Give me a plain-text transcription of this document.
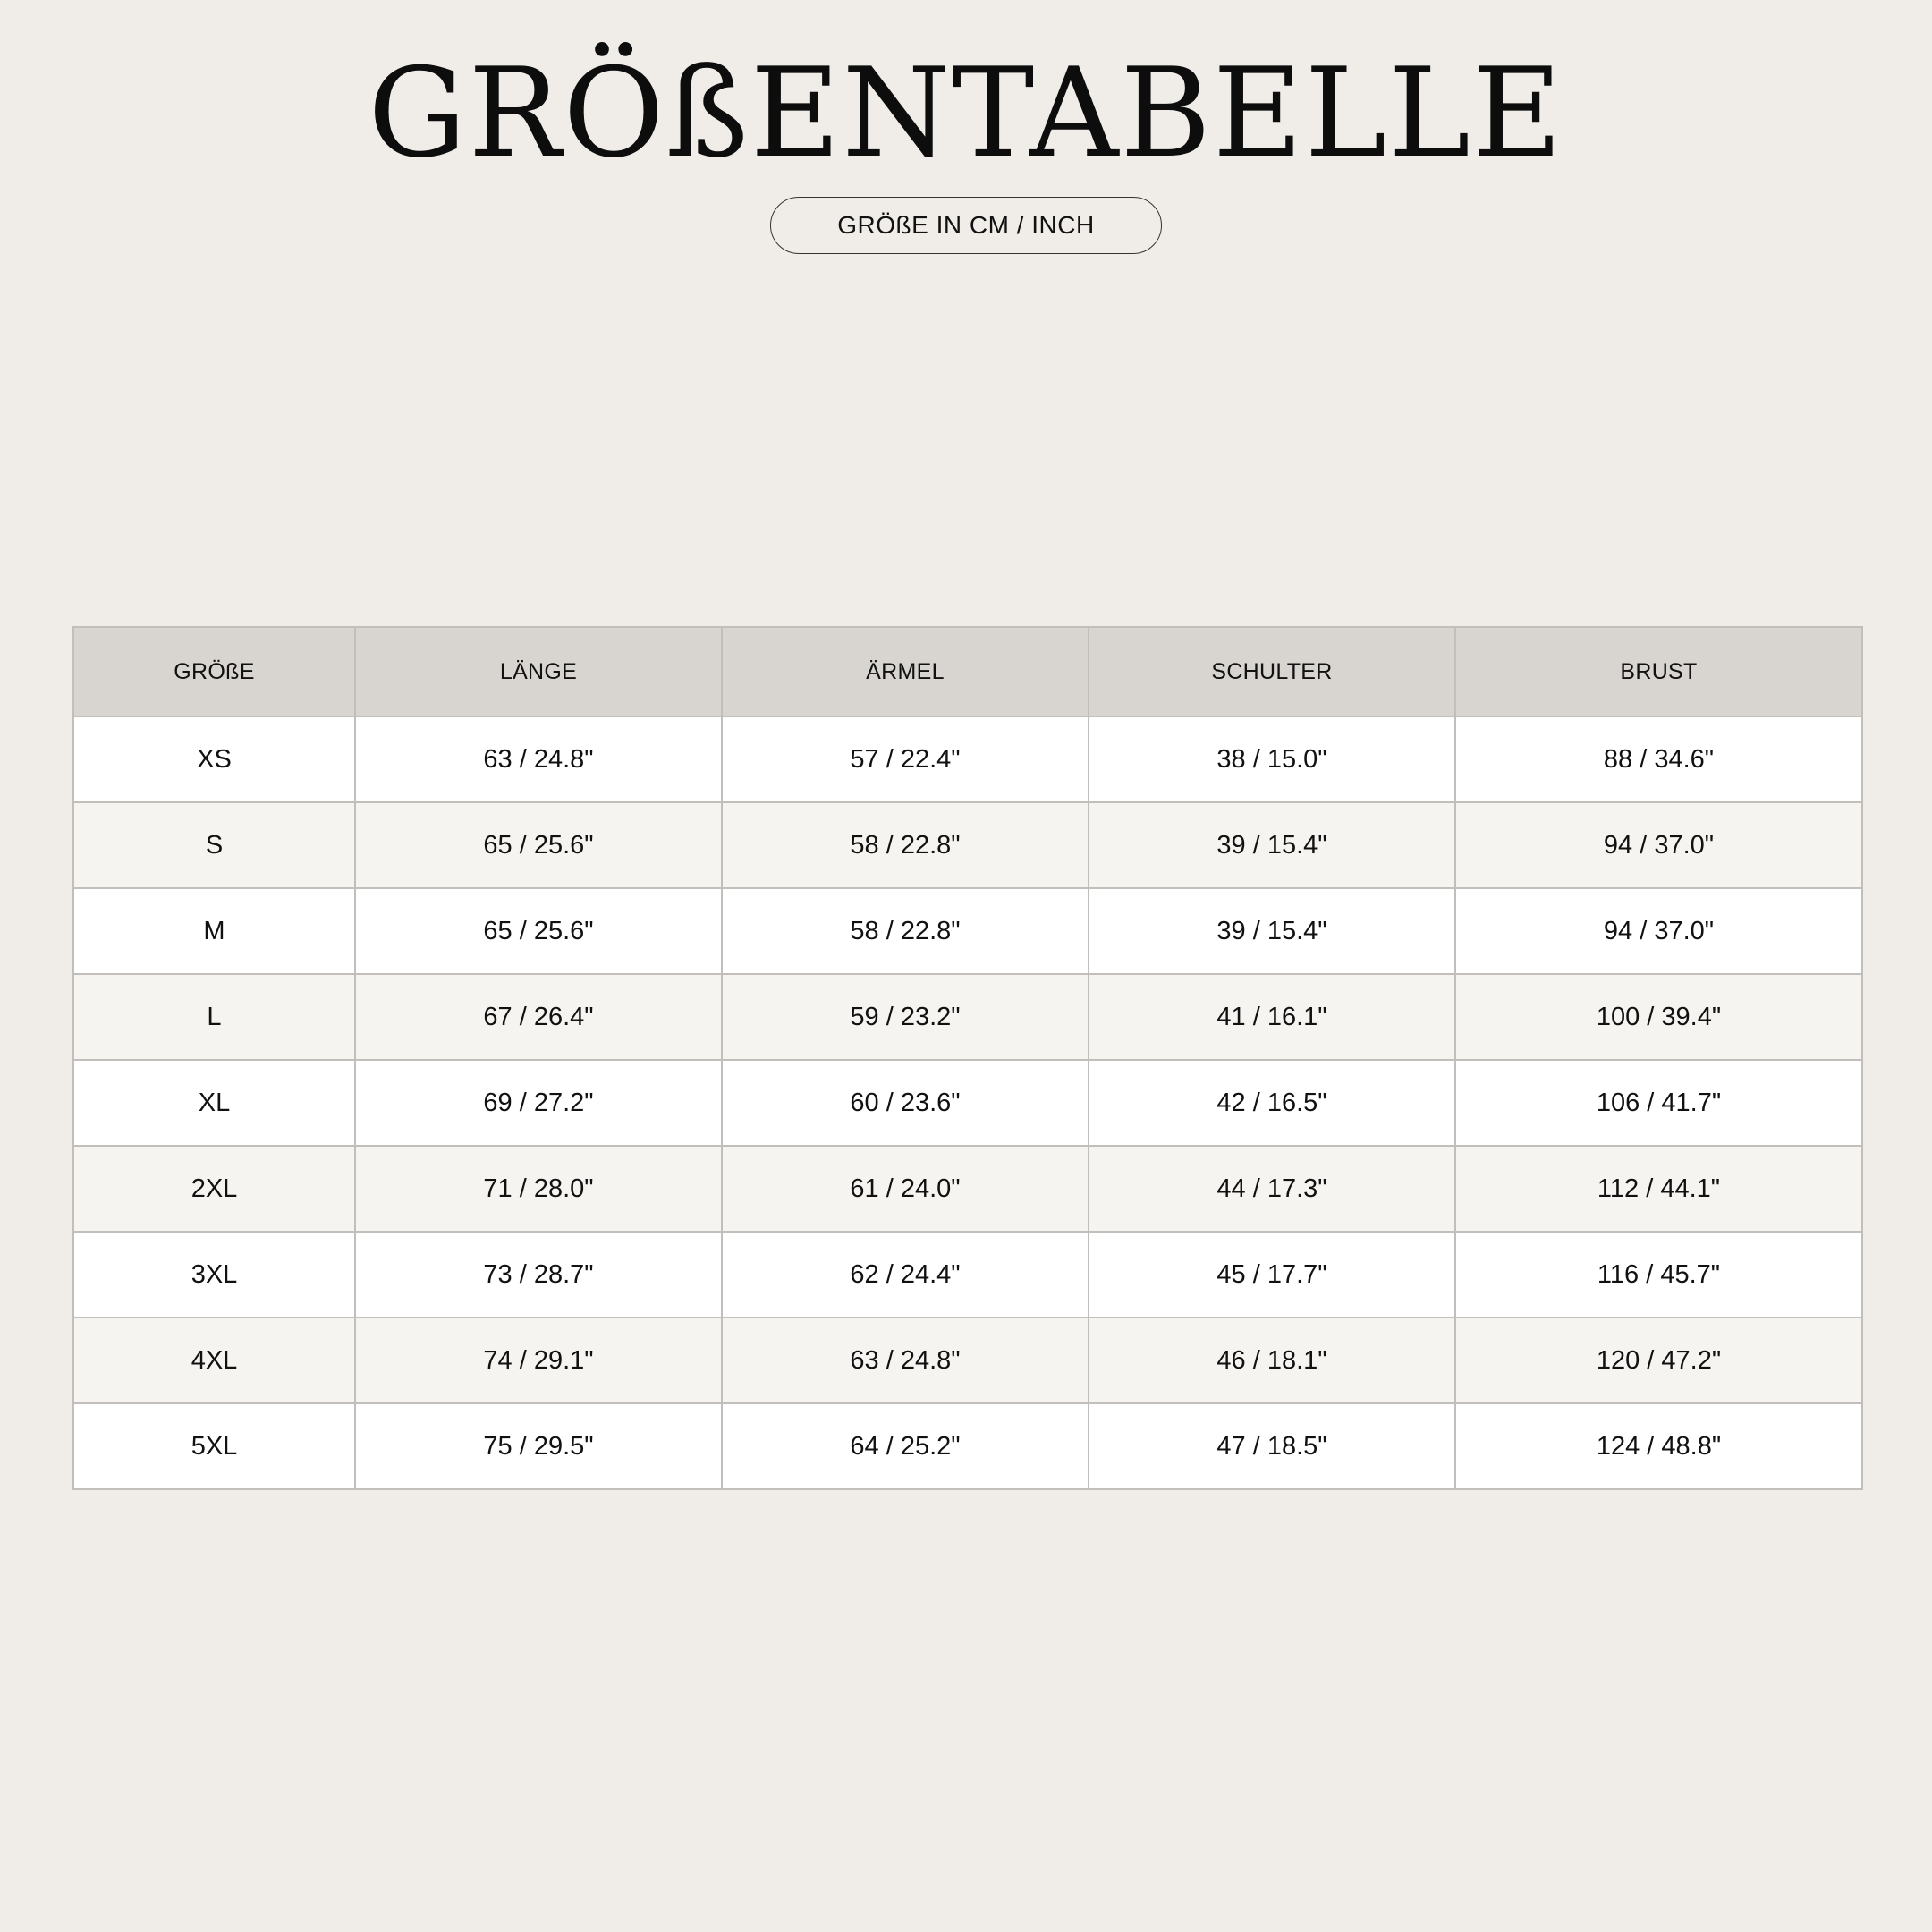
GRÖßENTABELLE
GRÖßE IN CM / INCH
GRÖßE	LÄNGE	ÄRMEL	SCHULTER	BRUST
XS	63 / 24.8"	57 / 22.4"	38 / 15.0"	88 / 34.6"
S	65 / 25.6"	58 / 22.8"	39 / 15.4"	94 / 37.0"
M	65 / 25.6"	58 / 22.8"	39 / 15.4"	94 / 37.0"
L	67 / 26.4"	59 / 23.2"	41 / 16.1"	100 / 39.4"
XL	69 / 27.2"	60 / 23.6"	42 / 16.5"	106 / 41.7"
2XL	71 / 28.0"	61 / 24.0"	44 / 17.3"	112 / 44.1"
3XL	73 / 28.7"	62 / 24.4"	45 / 17.7"	116 / 45.7"
4XL	74 / 29.1"	63 / 24.8"	46 / 18.1"	120 / 47.2"
5XL	75 / 29.5"	64 / 25.2"	47 / 18.5"	124 / 48.8"
